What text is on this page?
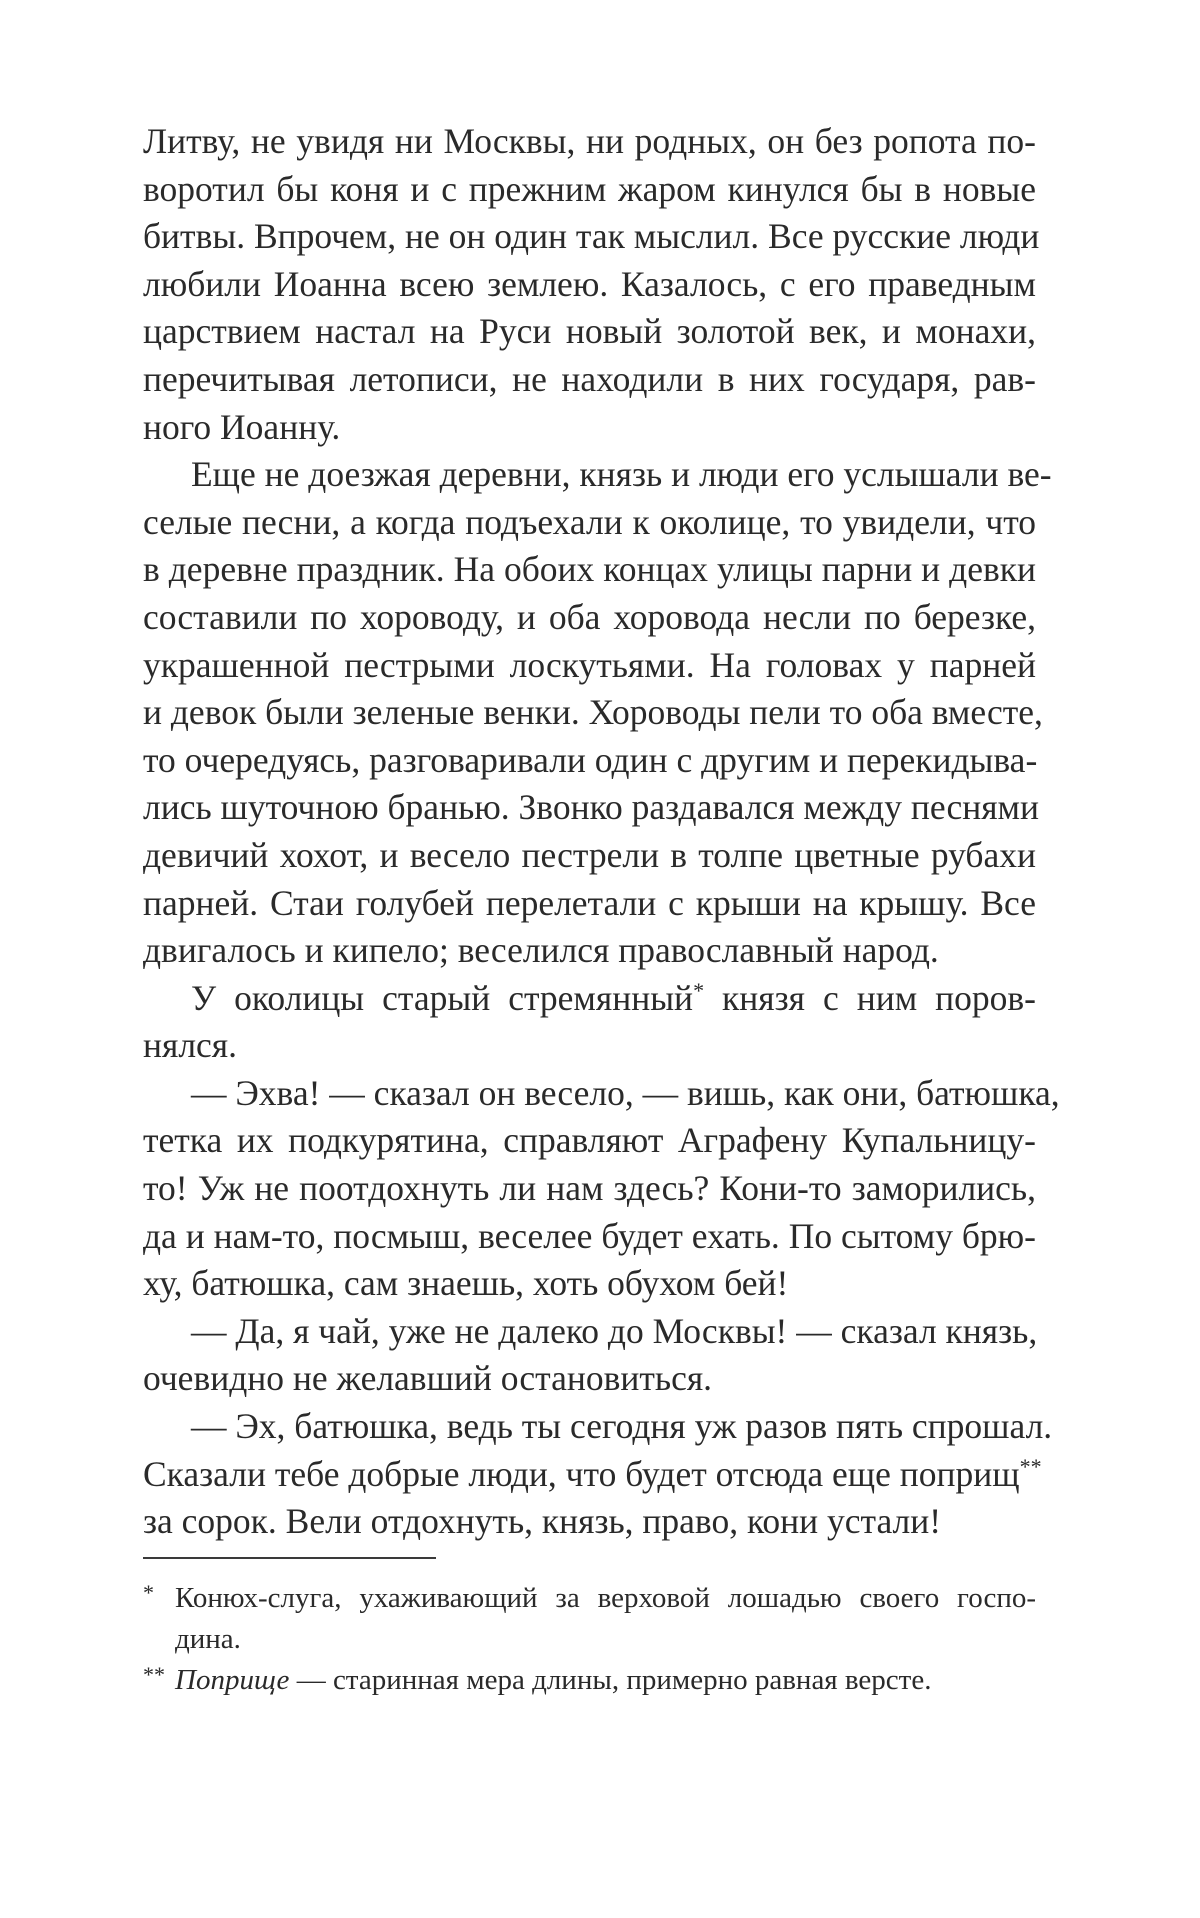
Литву, не увидя ни Москвы, ни родных, он без ропота по-
воротил бы коня и с прежним жаром кинулся бы в новые
битвы. Впрочем, не он один так мыслил. Все русские люди
любили Иоанна всею землею. Казалось, с его праведным
царствием настал на Руси новый золотой век, и монахи,
перечитывая летописи, не находили в них государя, рав-
ного Иоанну.
Еще не доезжая деревни, князь и люди его услышали ве-
селые песни, а когда подъехали к околице, то увидели, что
в деревне праздник. На обоих концах улицы парни и девки
составили по хороводу, и оба хоровода несли по березке,
украшенной пестрыми лоскутьями. На головах у парней
и девок были зеленые венки. Хороводы пели то оба вместе,
то очередуясь, разговаривали один с другим и перекидыва-
лись шуточною бранью. Звонко раздавался между песнями
девичий хохот, и весело пестрели в толпе цветные рубахи
парней. Стаи голубей перелетали с крыши на крышу. Все
двигалось и кипело; веселился православный народ.
У околицы старый стремянный* князя с ним поров-
нялся.
— Эхва! — сказал он весело, — вишь, как они, батюшка,
тетка их подкурятина, справляют Аграфену Купальницу-
то! Уж не поотдохнуть ли нам здесь? Кони-то заморились,
да и нам-то, посмыш, веселее будет ехать. По сытому брю-
ху, батюшка, сам знаешь, хоть обухом бей!
— Да, я чай, уже не далеко до Москвы! — сказал князь,
очевидно не желавший остановиться.
— Эх, батюшка, ведь ты сегодня уж разов пять спрошал.
Сказали тебе добрые люди, что будет отсюда еще поприщ**
за сорок. Вели отдохнуть, князь, право, кони устали!
* Конюх-слуга, ухаживающий за верховой лошадью своего госпо-
дина.
** Поприще — старинная мера длины, примерно равная версте.
